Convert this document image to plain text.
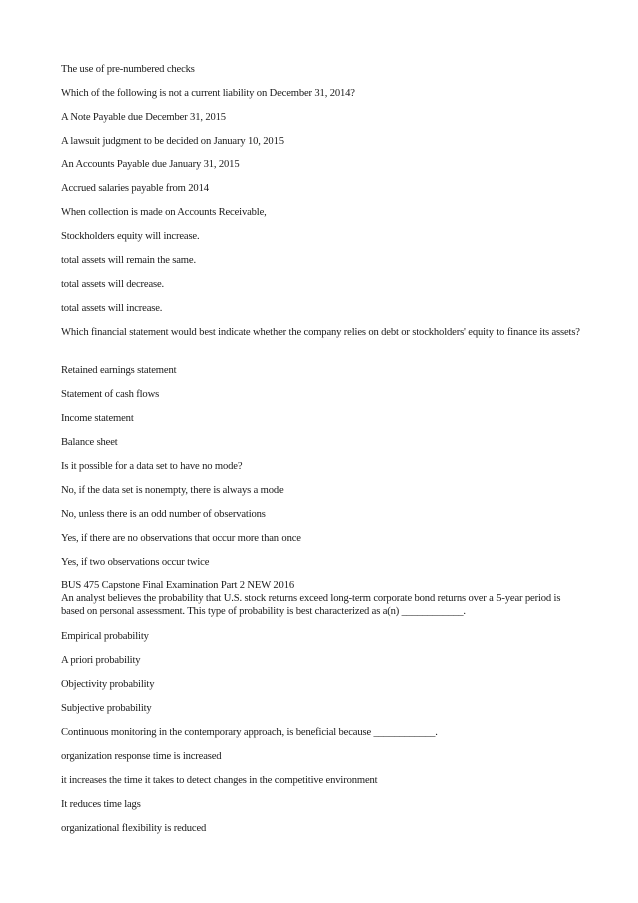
The use of pre-numbered checks
Which of the following is not a current liability on December 31, 2014?
A Note Payable due December 31, 2015
A lawsuit judgment to be decided on January 10, 2015
An Accounts Payable due January 31, 2015
Accrued salaries payable from 2014
When collection is made on Accounts Receivable,
Stockholders equity will increase.
total assets will remain the same.
total assets will decrease.
total assets will increase.
Which financial statement would best indicate whether the company relies on debt or stockholders' equity to finance its assets?
Retained earnings statement
Statement of cash flows
Income statement
Balance sheet
Is it possible for a data set to have no mode?
No, if the data set is nonempty, there is always a mode
No, unless there is an odd number of observations
Yes, if there are no observations that occur more than once
Yes, if two observations occur twice
BUS 475 Capstone Final Examination Part 2 NEW 2016
An analyst believes the probability that U.S. stock returns exceed long-term corporate bond returns over a 5-year period is based on personal assessment. This type of probability is best characterized as a(n) ____________.
Empirical probability
A priori probability
Objectivity probability
Subjective probability
Continuous monitoring in the contemporary approach, is beneficial because ____________.
organization response time is increased
it increases the time it takes to detect changes in the competitive environment
It reduces time lags
organizational flexibility is reduced
